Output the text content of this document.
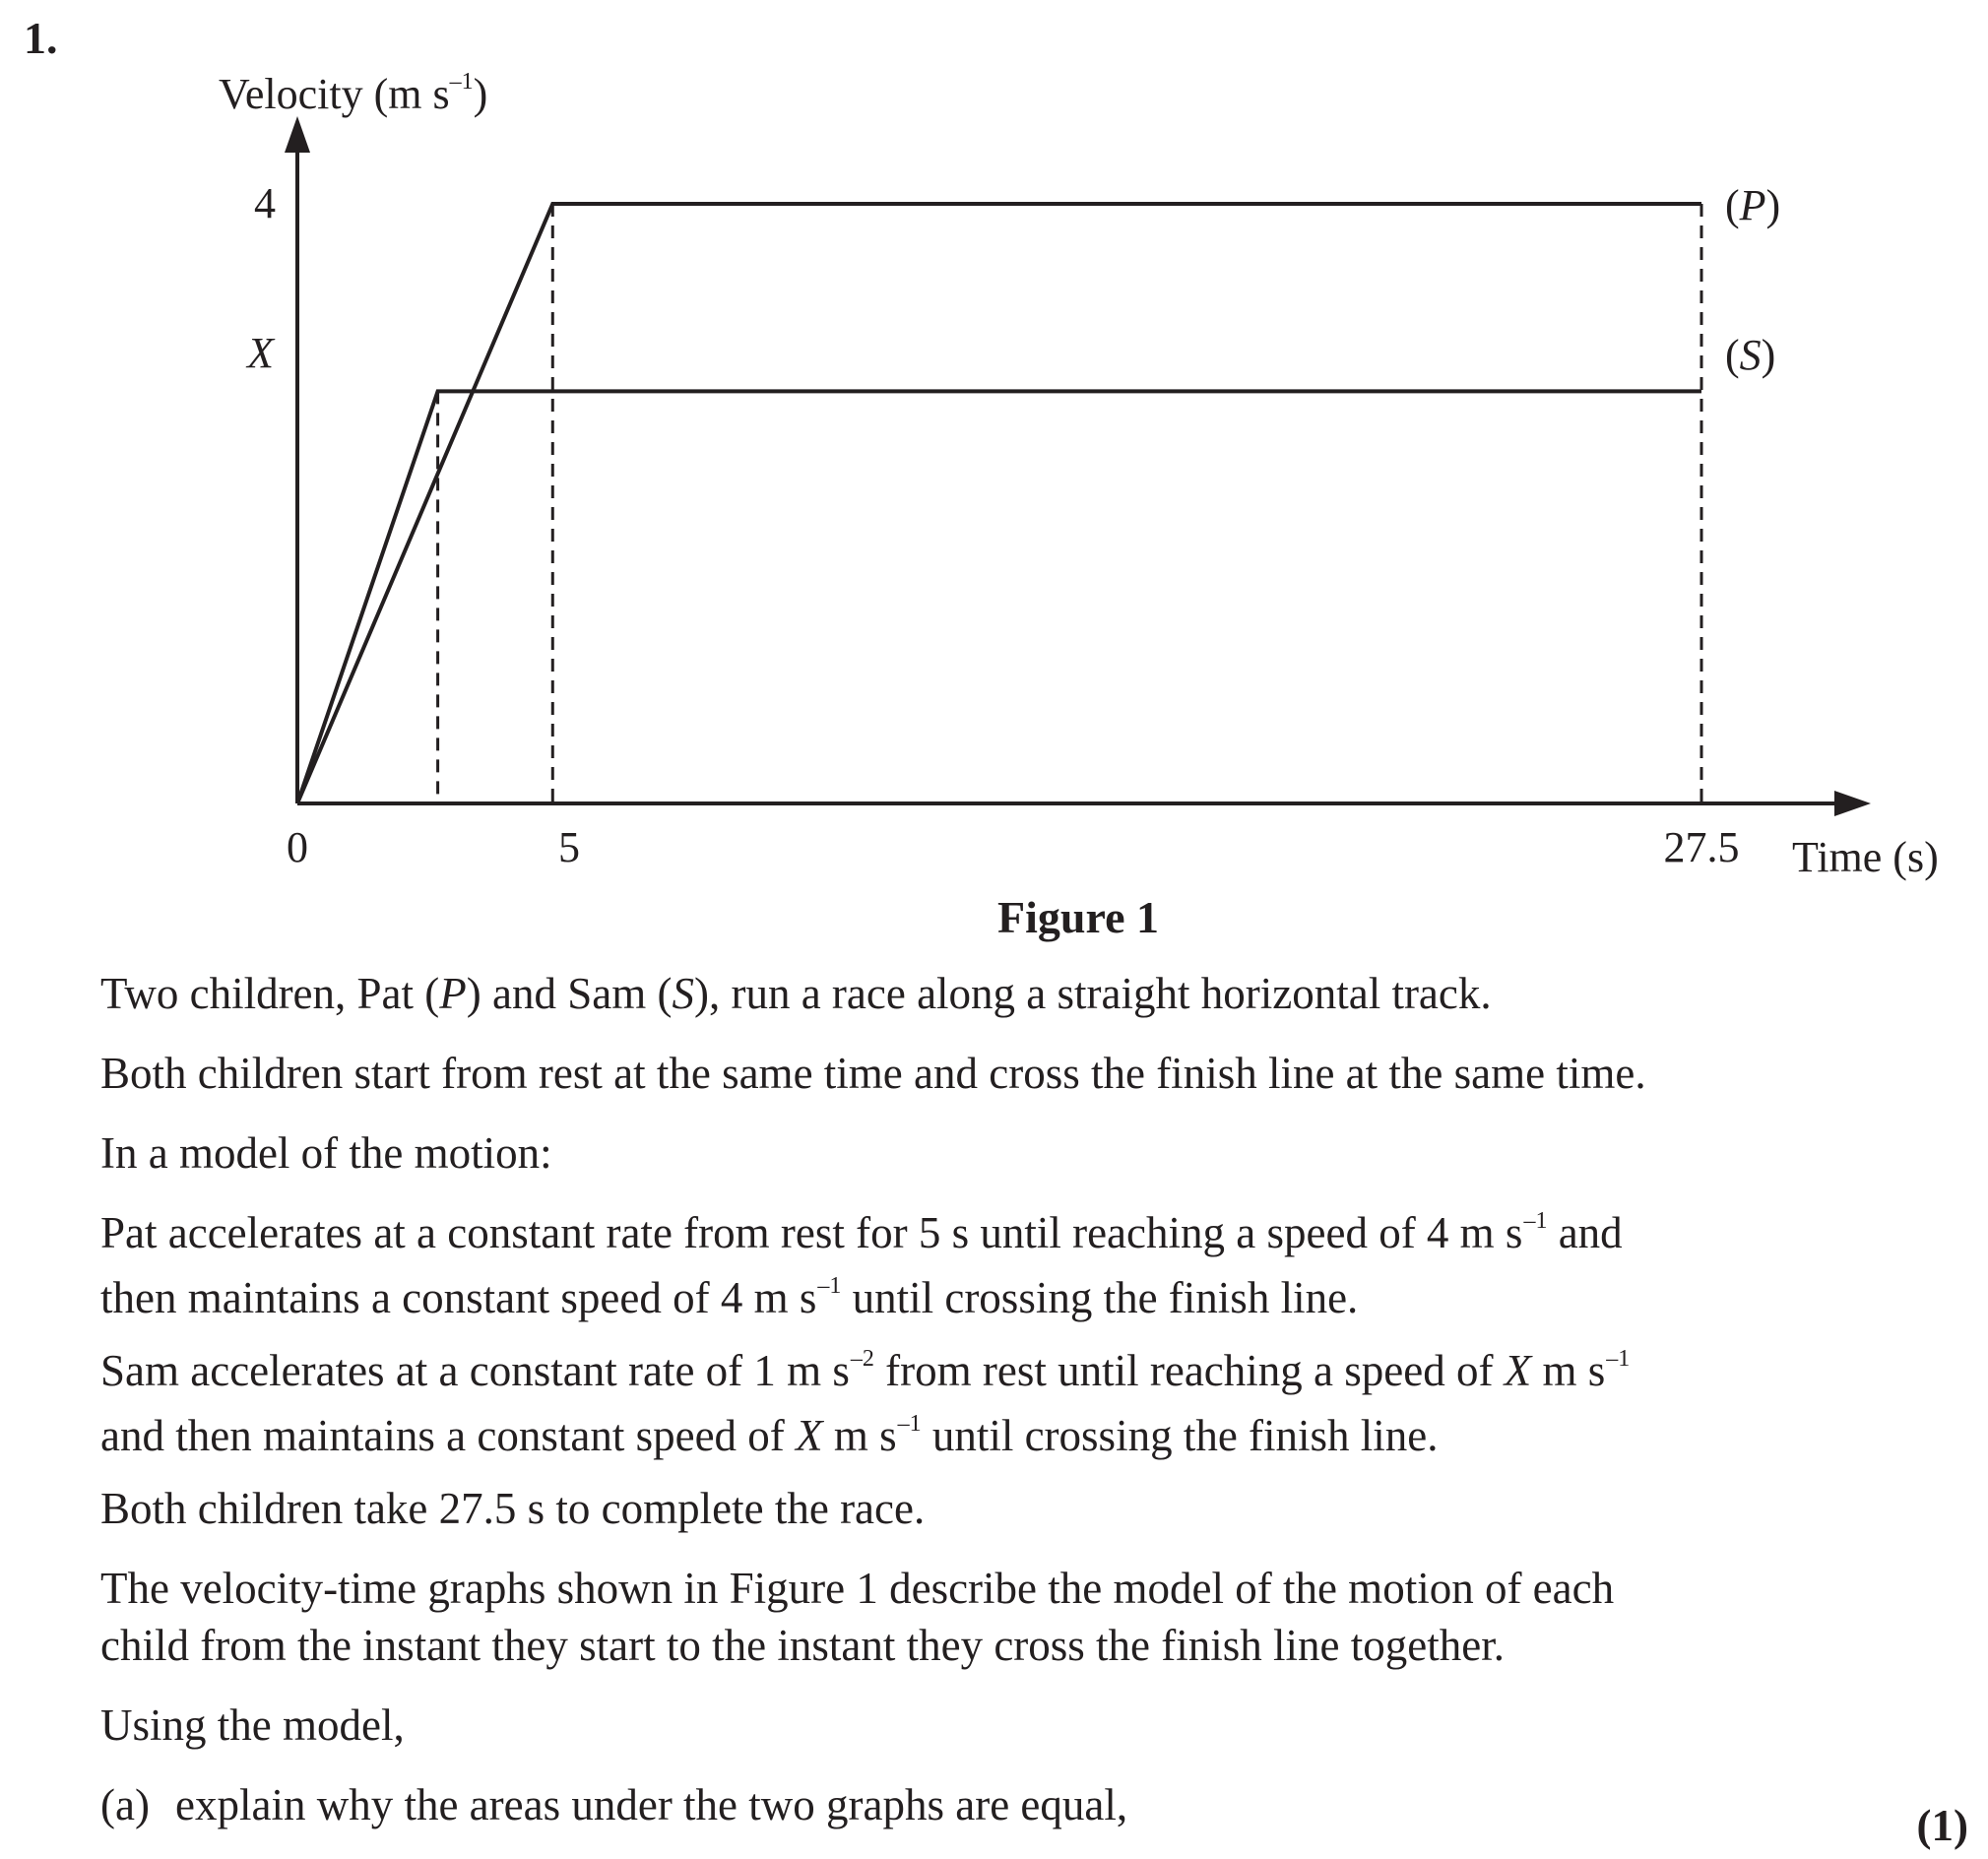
1.
Velocity (m $s^{-1}$)
4
X
0	5	27.5 Time (s)
(P)
(S)
Figure 1

Two children, Pat (P) and Sam (S), run a race along a straight horizontal track.

Both children start from rest at the same time and cross the finish line at the same time.

In a model of the motion:

Pat accelerates at a constant rate from rest for 5 s until reaching a speed of 4 m $s^{-1}$ and
then maintains a constant speed of 4 m $s^{-1}$ until crossing the finish line.

Sam accelerates at a constant rate of 1 m $s^{-2}$ from rest until reaching a speed of X m $s^{-1}$
and then maintains a constant speed of X m $s^{-1}$ until crossing the finish line.

Both children take 27.5 s to complete the race.

The velocity-time graphs shown in Figure 1 describe the model of the motion of each
child from the instant they start to the instant they cross the finish line together.

Using the model,

(a) explain why the areas under the two graphs are equal,	(1)
